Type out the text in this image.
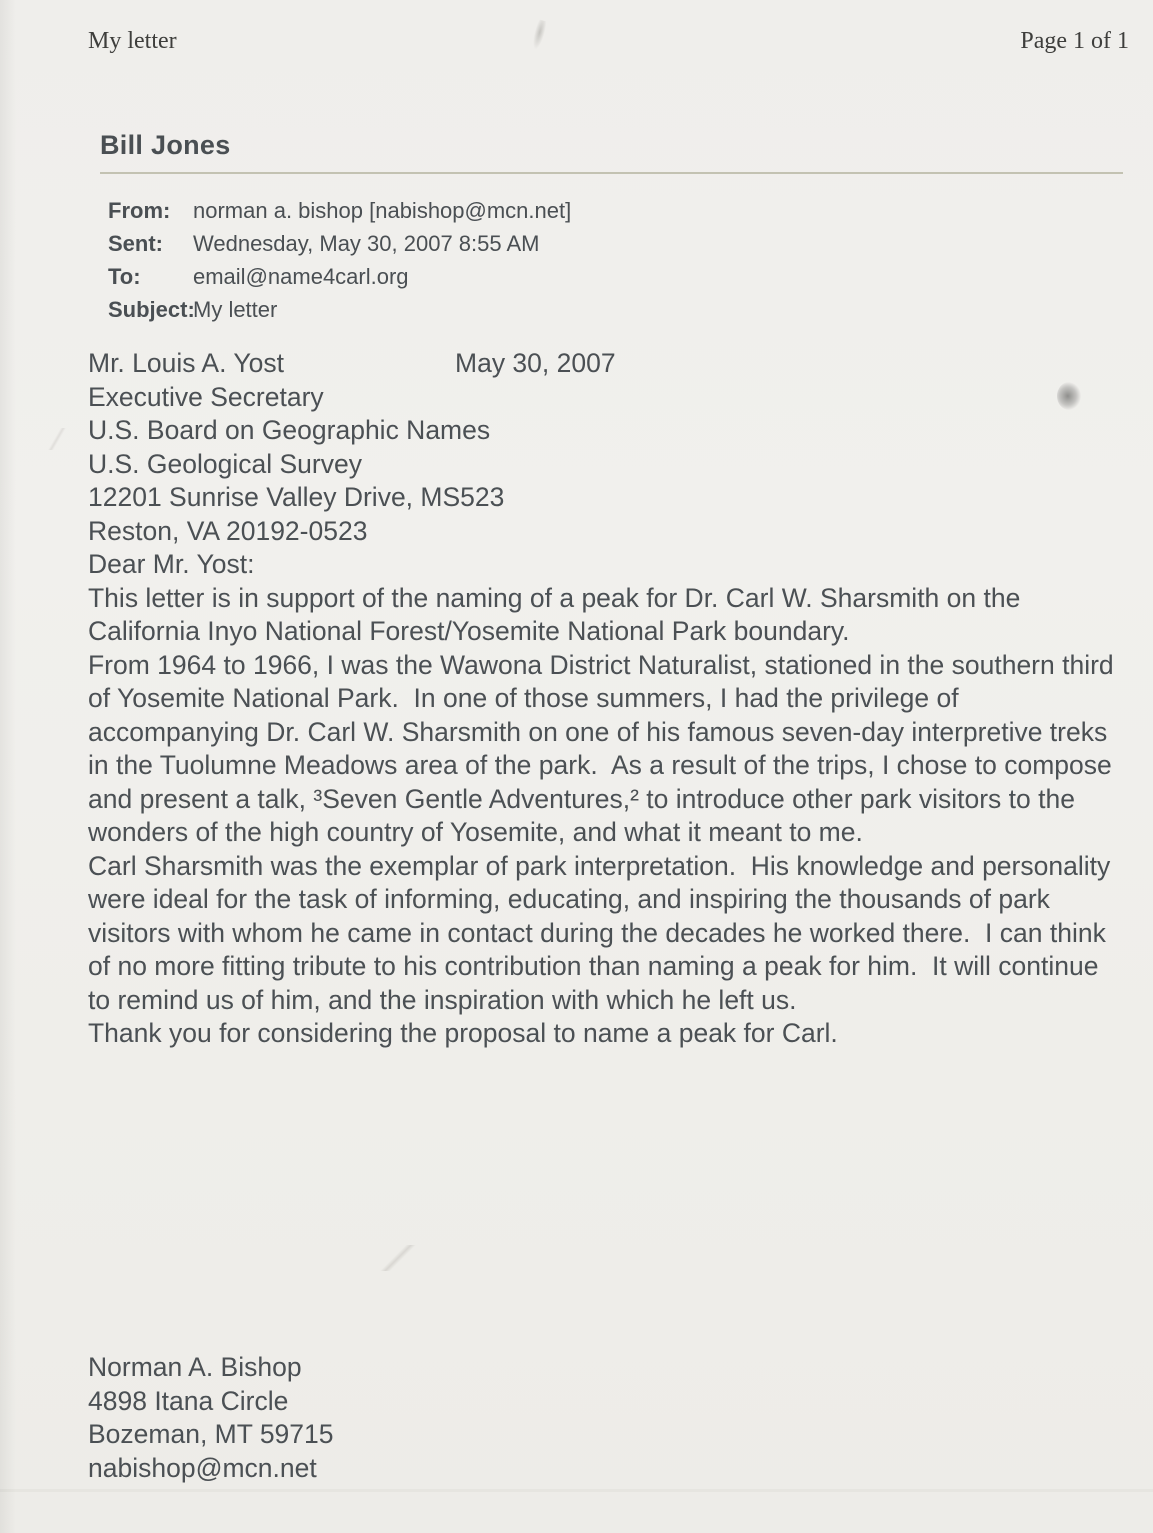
My letter	Page 1 of 1
Bill Jones
From:	norman a. bishop [nabishop@mcn.net]
Sent:	Wednesday, May 30, 2007 8:55 AM
To:	email@name4carl.org
Subject:
My letter
Mr. Louis A. Yost	May 30, 2007
Executive Secretary
U.S. Board on Geographic Names
U.S. Geological Survey
12201 Sunrise Valley Drive, MS523
Reston, VA 20192-0523

Dear Mr. Yost:

This letter is in support of the naming of a peak for Dr. Carl W. Sharsmith on the California Inyo National Forest/Yosemite National Park boundary.

From 1964 to 1966, I was the Wawona District Naturalist, stationed in the southern third of Yosemite National Park.  In one of those summers, I had the privilege of accompanying Dr. Carl W. Sharsmith on one of his famous seven-day interpretive treks in the Tuolumne Meadows area of the park.  As a result of the trips, I chose to compose and present a talk, ³Seven Gentle Adventures,² to introduce other park visitors to the wonders of the high country of Yosemite, and what it meant to me.

Carl Sharsmith was the exemplar of park interpretation.  His knowledge and personality were ideal for the task of informing, educating, and inspiring the thousands of park visitors with whom he came in contact during the decades he worked there.  I can think of no more fitting tribute to his contribution than naming a peak for him.  It will continue to remind us of him, and the inspiration with which he left us.

Thank you for considering the proposal to name a peak for Carl.

Norman A. Bishop
4898 Itana Circle
Bozeman, MT 59715
nabishop@mcn.net
